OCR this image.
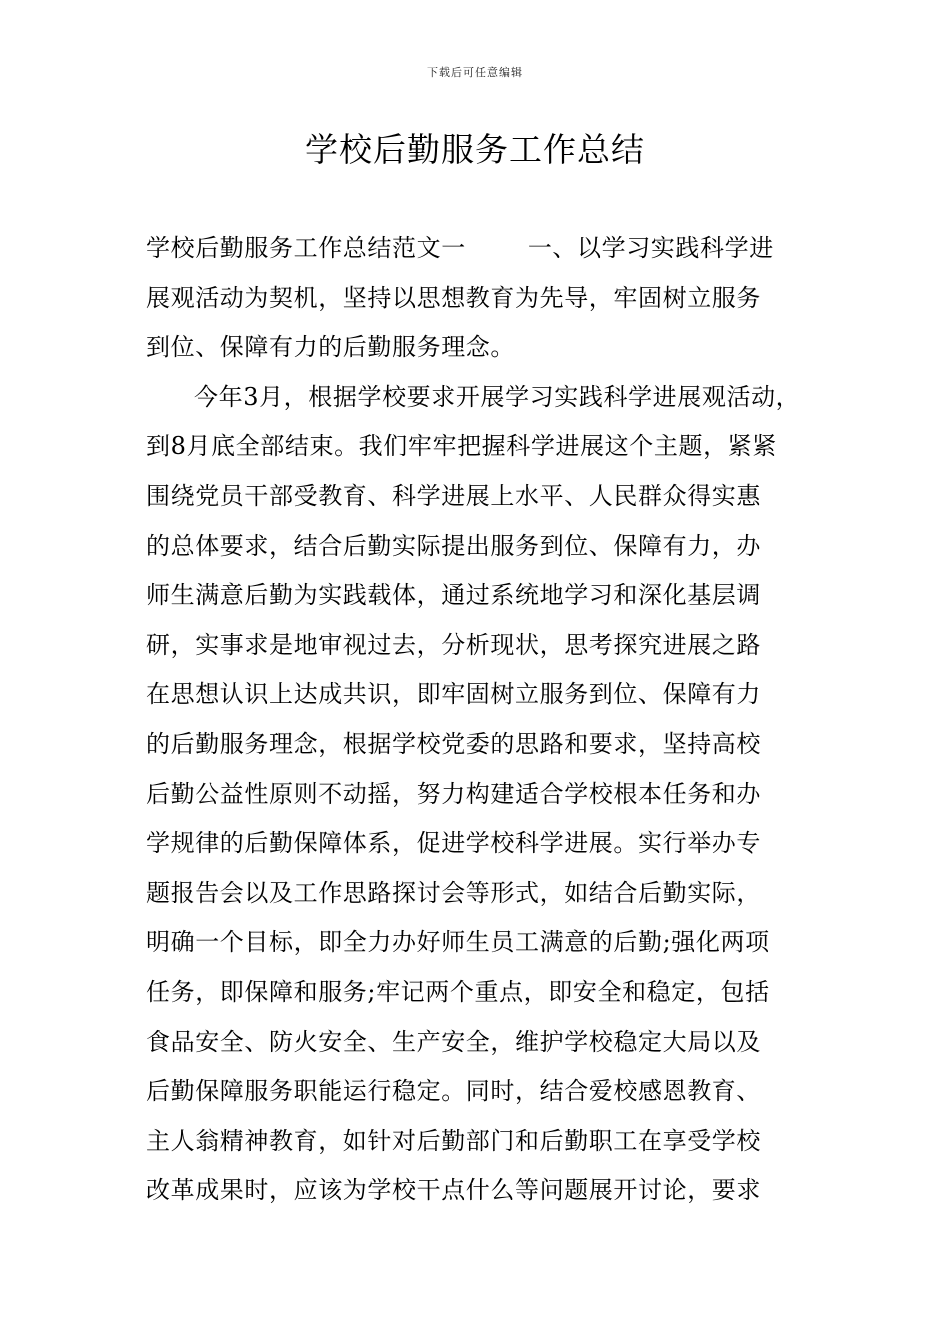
下载后可任意编辑
学校后勤服务工作总结
学校后勤服务工作总结范文一	一、以学习实践科学进
展观活动为契机，坚持以思想教育为先导，牢固树立服务
到位、保障有力的后勤服务理念。
今年3月，根据学校要求开展学习实践科学进展观活动，
到8月底全部结束。我们牢牢把握科学进展这个主题，紧紧
围绕党员干部受教育、科学进展上水平、人民群众得实惠
的总体要求，结合后勤实际提出服务到位、保障有力，办
师生满意后勤为实践载体，通过系统地学习和深化基层调
研，实事求是地审视过去，分析现状，思考探究进展之路
在思想认识上达成共识，即牢固树立服务到位、保障有力
的后勤服务理念，根据学校党委的思路和要求，坚持高校
后勤公益性原则不动摇，努力构建适合学校根本任务和办
学规律的后勤保障体系，促进学校科学进展。实行举办专
题报告会以及工作思路探讨会等形式，如结合后勤实际，
明确一个目标，即全力办好师生员工满意的后勤;强化两项
任务，即保障和服务;牢记两个重点，即安全和稳定，包括
食品安全、防火安全、生产安全，维护学校稳定大局以及
后勤保障服务职能运行稳定。同时，结合爱校感恩教育、
主人翁精神教育，如针对后勤部门和后勤职工在享受学校
改革成果时，应该为学校干点什么等问题展开讨论，要求
